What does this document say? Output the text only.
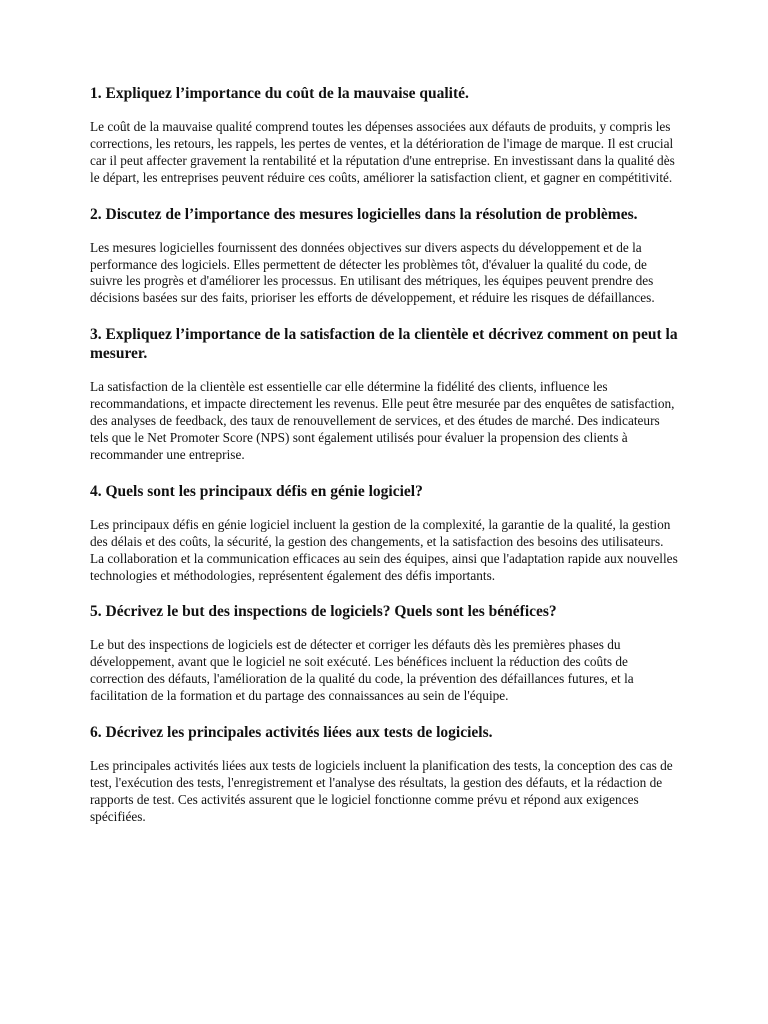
1. Expliquez l’importance du coût de la mauvaise qualité.

Le coût de la mauvaise qualité comprend toutes les dépenses associées aux défauts de produits, y compris les corrections, les retours, les rappels, les pertes de ventes, et la détérioration de l'image de marque. Il est crucial car il peut affecter gravement la rentabilité et la réputation d'une entreprise. En investissant dans la qualité dès le départ, les entreprises peuvent réduire ces coûts, améliorer la satisfaction client, et gagner en compétitivité.

2. Discutez de l’importance des mesures logicielles dans la résolution de problèmes.

Les mesures logicielles fournissent des données objectives sur divers aspects du développement et de la performance des logiciels. Elles permettent de détecter les problèmes tôt, d'évaluer la qualité du code, de suivre les progrès et d'améliorer les processus. En utilisant des métriques, les équipes peuvent prendre des décisions basées sur des faits, prioriser les efforts de développement, et réduire les risques de défaillances.

3. Expliquez l’importance de la satisfaction de la clientèle et décrivez comment on peut la mesurer.

La satisfaction de la clientèle est essentielle car elle détermine la fidélité des clients, influence les recommandations, et impacte directement les revenus. Elle peut être mesurée par des enquêtes de satisfaction, des analyses de feedback, des taux de renouvellement de services, et des études de marché. Des indicateurs tels que le Net Promoter Score (NPS) sont également utilisés pour évaluer la propension des clients à recommander une entreprise.

4. Quels sont les principaux défis en génie logiciel?

Les principaux défis en génie logiciel incluent la gestion de la complexité, la garantie de la qualité, la gestion des délais et des coûts, la sécurité, la gestion des changements, et la satisfaction des besoins des utilisateurs. La collaboration et la communication efficaces au sein des équipes, ainsi que l'adaptation rapide aux nouvelles technologies et méthodologies, représentent également des défis importants.

5. Décrivez le but des inspections de logiciels? Quels sont les bénéfices?

Le but des inspections de logiciels est de détecter et corriger les défauts dès les premières phases du développement, avant que le logiciel ne soit exécuté. Les bénéfices incluent la réduction des coûts de correction des défauts, l'amélioration de la qualité du code, la prévention des défaillances futures, et la facilitation de la formation et du partage des connaissances au sein de l'équipe.

6. Décrivez les principales activités liées aux tests de logiciels.

Les principales activités liées aux tests de logiciels incluent la planification des tests, la conception des cas de test, l'exécution des tests, l'enregistrement et l'analyse des résultats, la gestion des défauts, et la rédaction de rapports de test. Ces activités assurent que le logiciel fonctionne comme prévu et répond aux exigences spécifiées.
